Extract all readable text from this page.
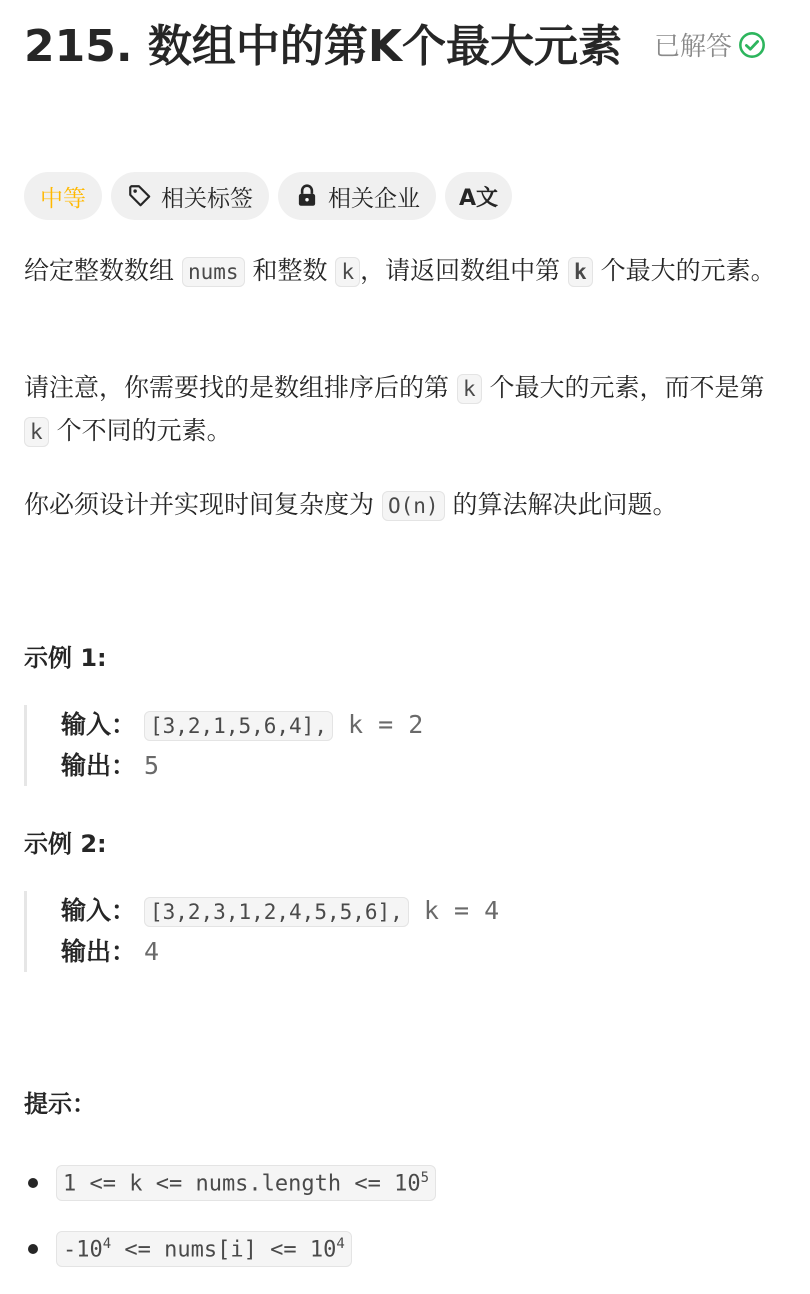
215. 数组中的第K个最大元素 已解答
中等	相关标签	相关企业 A文
给定整数数组 nums 和整数 k ，请返回数组中第 k 个最大的元素。
请注意，你需要找的是数组排序后的第 k 个最大的元素，而不是第 k 个不同的元素。
你必须设计并实现时间复杂度为 O(n) 的算法解决此问题。
示例 1:
输入： [3,2,1,5,6,4], k = 2
输出： 5
示例 2:
输入： [3,2,3,1,2,4,5,5,6], k = 4
输出： 4
提示：
1 <= k <= nums.length <= $10^5$
$-10^4$ <= nums[i] <= $10^4$
